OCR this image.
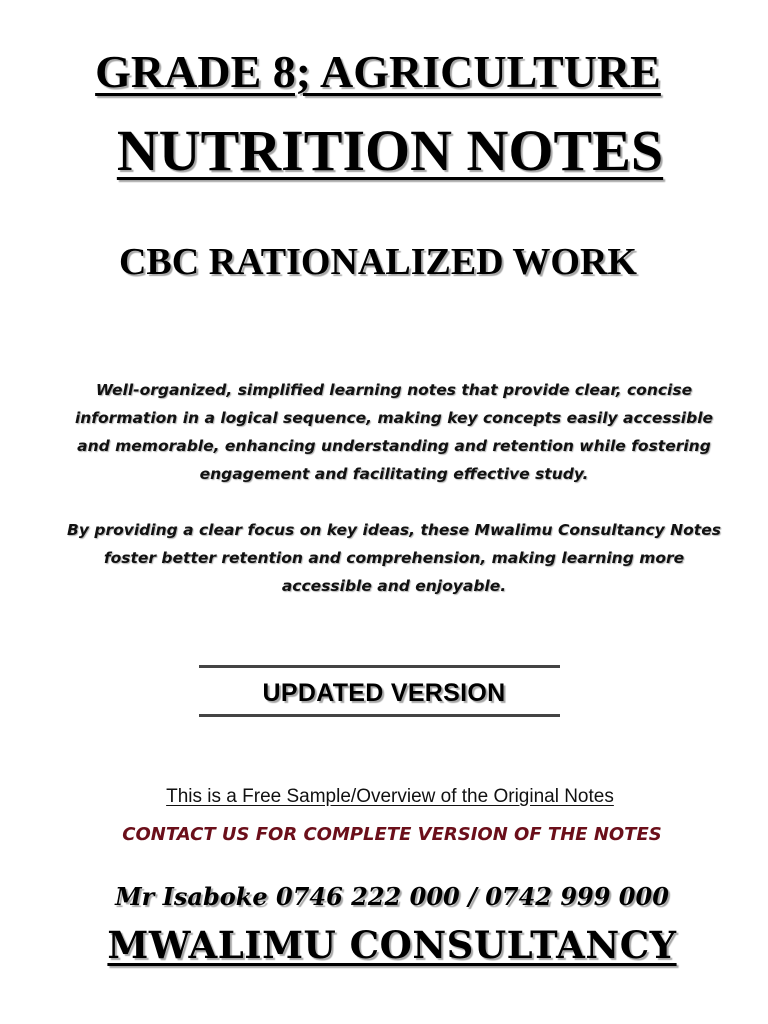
GRADE 8; AGRICULTURE
NUTRITION NOTES
CBC RATIONALIZED WORK

Well-organized, simplified learning notes that provide clear, concise information in a logical sequence, making key concepts easily accessible and memorable, enhancing understanding and retention while fostering engagement and facilitating effective study.

By providing a clear focus on key ideas, these Mwalimu Consultancy Notes foster better retention and comprehension, making learning more accessible and enjoyable.

UPDATED VERSION

This is a Free Sample/Overview of the Original Notes

CONTACT US FOR COMPLETE VERSION OF THE NOTES

Mr Isaboke 0746 222 000 / 0742 999 000

MWALIMU CONSULTANCY
